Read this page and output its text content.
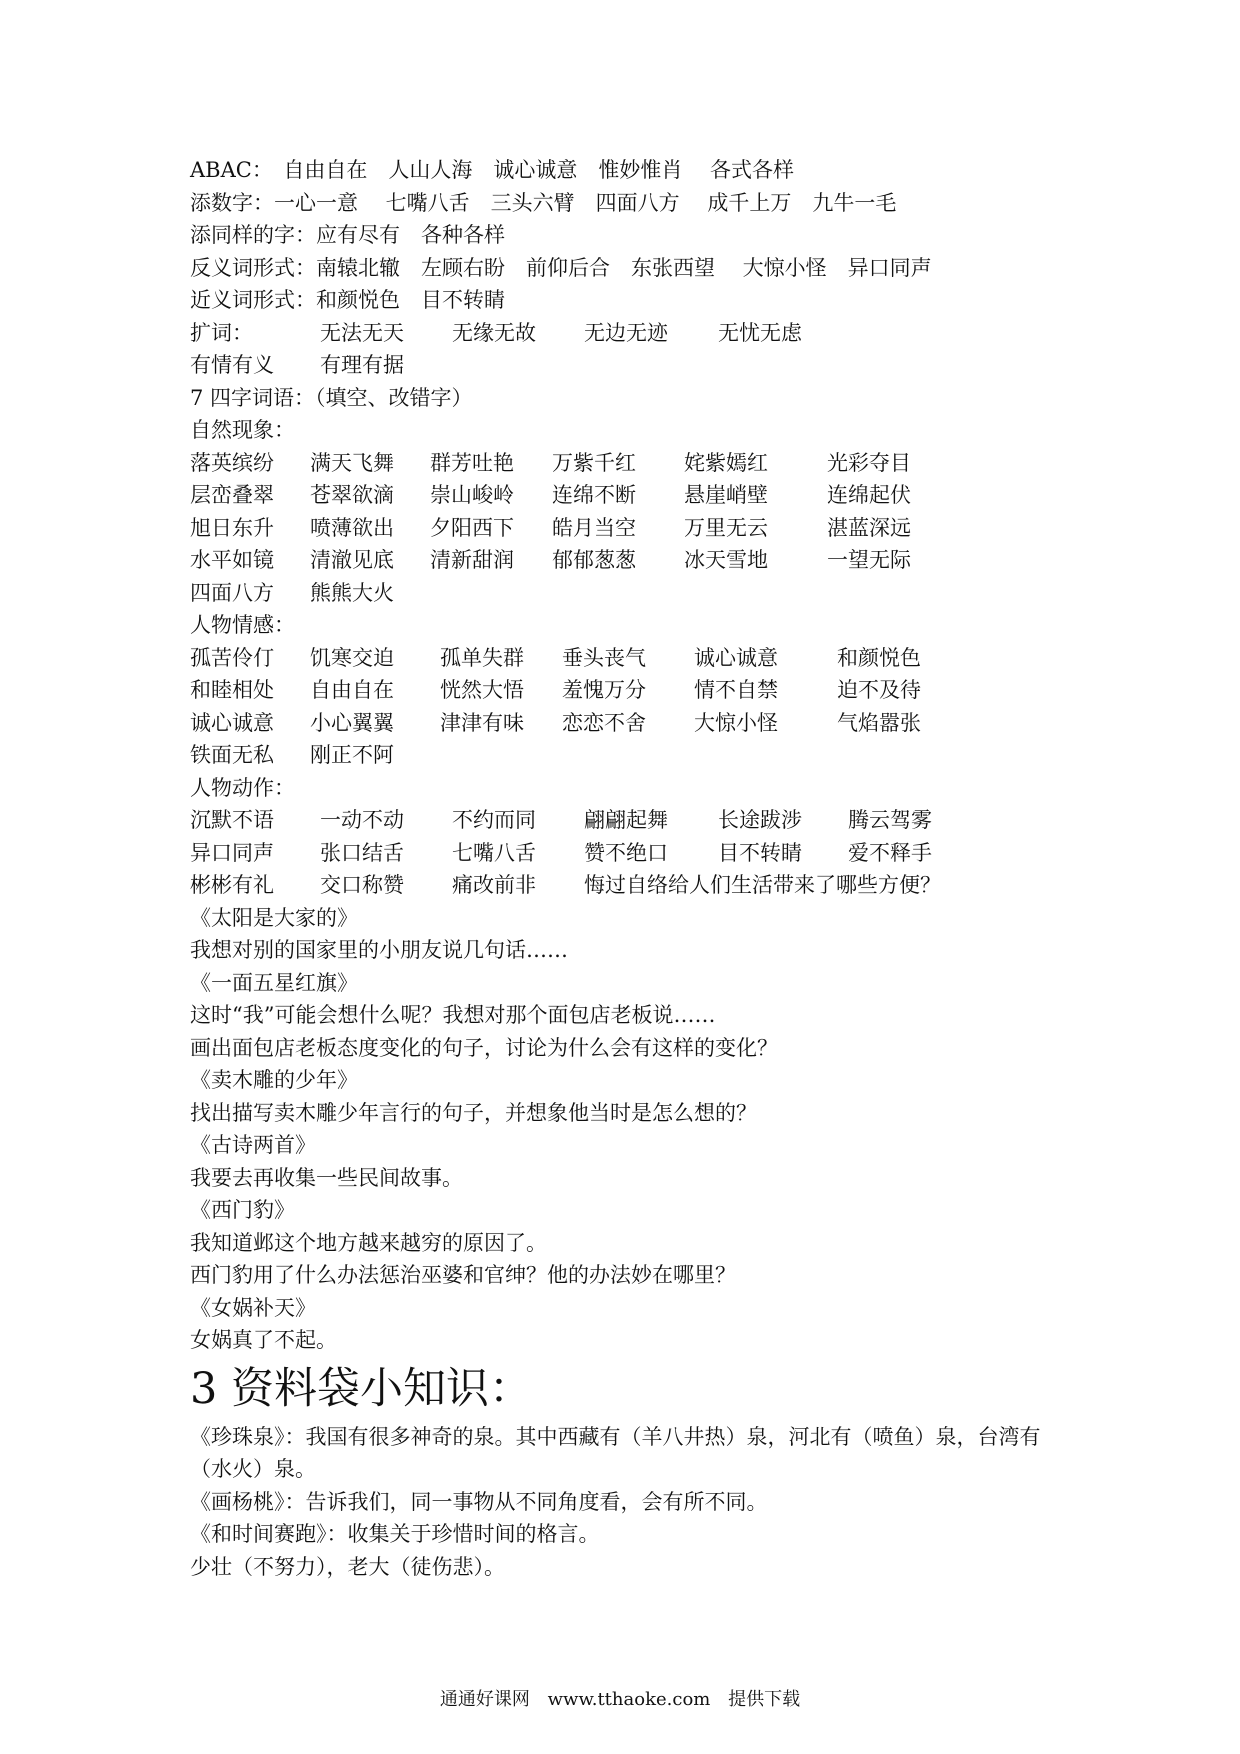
ABAC：　自由自在　人山人海　诚心诚意　惟妙惟肖　 各式各样
添数字：一心一意　 七嘴八舌　三头六臂　四面八方　 成千上万　九牛一毛
添同样的字：应有尽有　各种各样
反义词形式：南辕北辙　左顾右盼　前仰后合　东张西望　 大惊小怪　异口同声
近义词形式：和颜悦色　目不转睛
扩词：	无法无天	无缘无故	无边无迹	无忧无虑
有情有义	有理有据
7 四字词语：（填空、改错字）
自然现象：
落英缤纷	满天飞舞	群芳吐艳	万紫千红	姹紫嫣红	光彩夺目
层峦叠翠	苍翠欲滴	崇山峻岭	连绵不断	悬崖峭壁	连绵起伏
旭日东升	喷薄欲出	夕阳西下	皓月当空	万里无云	湛蓝深远
水平如镜	清澈见底	清新甜润	郁郁葱葱	冰天雪地	一望无际
四面八方	熊熊大火
人物情感：
孤苦伶仃	饥寒交迫	孤单失群	垂头丧气	诚心诚意	和颜悦色
和睦相处	自由自在	恍然大悟	羞愧万分	情不自禁	迫不及待
诚心诚意	小心翼翼	津津有味	恋恋不舍	大惊小怪	气焰嚣张
铁面无私	刚正不阿
人物动作：
沉默不语	一动不动	不约而同	翩翩起舞	长途跋涉	腾云驾雾
异口同声	张口结舌	七嘴八舌	赞不绝口	目不转睛	爱不释手
彬彬有礼	交口称赞	痛改前非	悔过自络给人们生活带来了哪些方便？
《太阳是大家的》
我想对别的国家里的小朋友说几句话……
《一面五星红旗》
这时“我”可能会想什么呢？我想对那个面包店老板说……
画出面包店老板态度变化的句子，讨论为什么会有这样的变化？
《卖木雕的少年》
找出描写卖木雕少年言行的句子，并想象他当时是怎么想的？
《古诗两首》
我要去再收集一些民间故事。
《西门豹》
我知道邺这个地方越来越穷的原因了。
西门豹用了什么办法惩治巫婆和官绅？他的办法妙在哪里？
《女娲补天》
女娲真了不起。
3 资料袋小知识：
《珍珠泉》：我国有很多神奇的泉。其中西藏有（羊八井热）泉，河北有（喷鱼）泉，台湾有（水火）泉。
《画杨桃》：告诉我们，同一事物从不同角度看，会有所不同。
《和时间赛跑》：收集关于珍惜时间的格言。
少壮（不努力），老大（徒伤悲）。
通通好课网 www.tthaoke.com 提供下载
